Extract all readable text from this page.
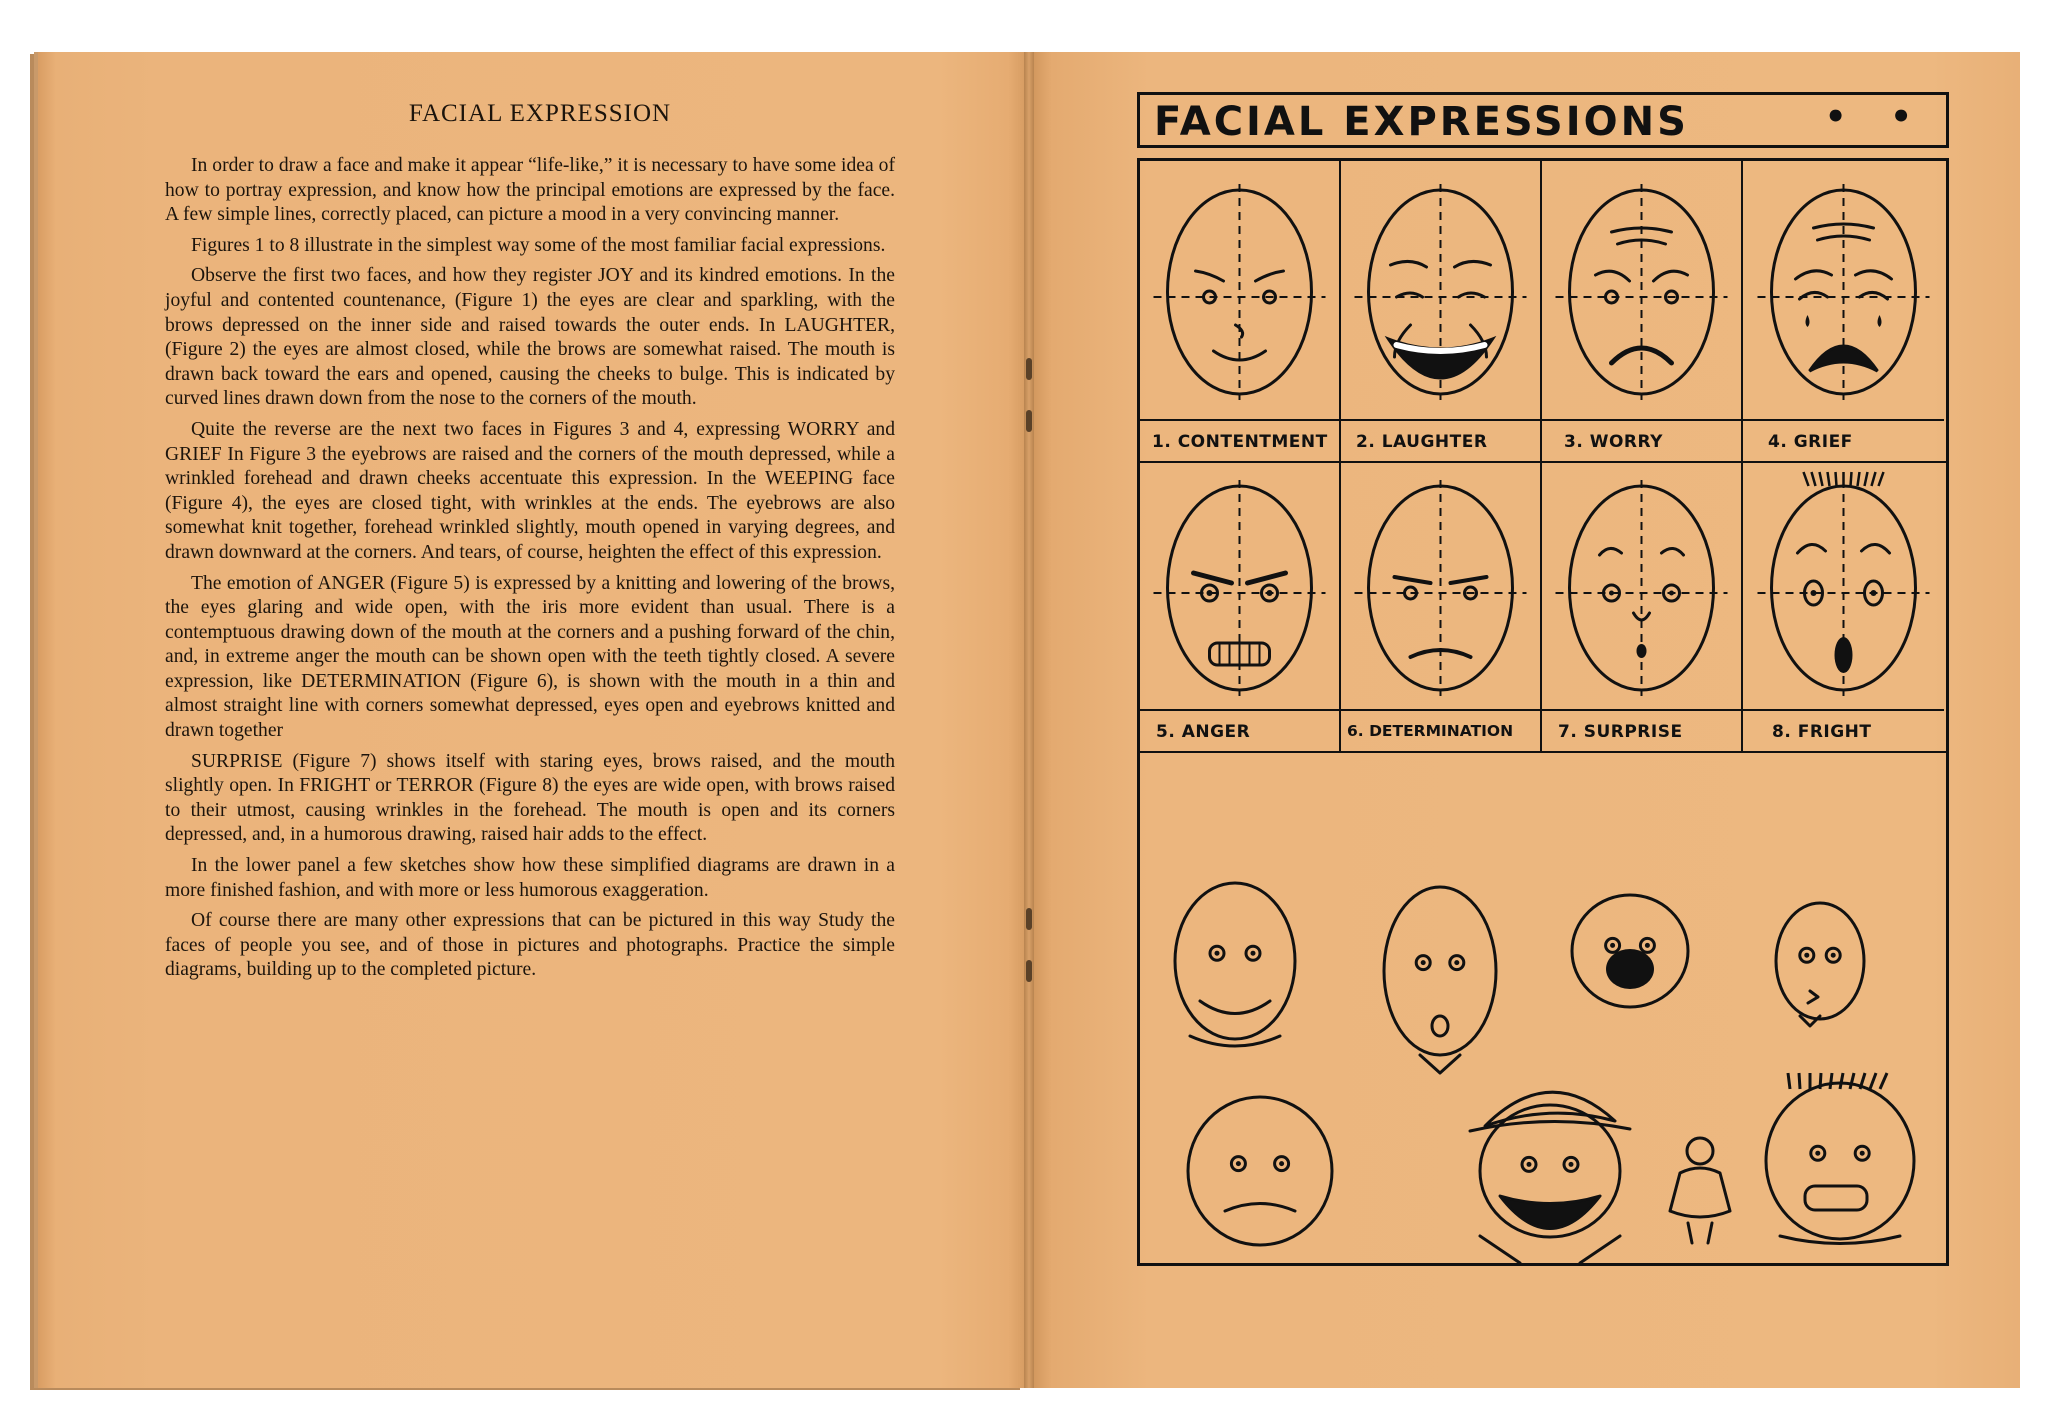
FACIAL EXPRESSION

In order to draw a face and make it appear “life-like,” it is necessary to have some idea of how to portray expression, and know how the principal emotions are expressed by the face. A few simple lines, correctly placed, can picture a mood in a very convincing manner.

Figures 1 to 8 illustrate in the simplest way some of the most familiar facial expressions.

Observe the first two faces, and how they register JOY and its kindred emotions. In the joyful and contented countenance, (Figure 1) the eyes are clear and sparkling, with the brows depressed on the inner side and raised towards the outer ends. In LAUGHTER, (Figure 2) the eyes are almost closed, while the brows are somewhat raised. The mouth is drawn back toward the ears and opened, causing the cheeks to bulge. This is indicated by curved lines drawn down from the nose to the corners of the mouth.

Quite the reverse are the next two faces in Figures 3 and 4, expressing WORRY and GRIEF In Figure 3 the eyebrows are raised and the corners of the mouth depressed, while a wrinkled forehead and drawn cheeks accentuate this expression. In the WEEPING face (Figure 4), the eyes are closed tight, with wrinkles at the ends. The eyebrows are also somewhat knit together, forehead wrinkled slightly, mouth opened in varying degrees, and drawn downward at the corners. And tears, of course, heighten the effect of this expression.

The emotion of ANGER (Figure 5) is expressed by a knitting and lowering of the brows, the eyes glaring and wide open, with the iris more evident than usual. There is a contemptuous drawing down of the mouth at the corners and a pushing forward of the chin, and, in extreme anger the mouth can be shown open with the teeth tightly closed. A severe expression, like DETERMINATION (Figure 6), is shown with the mouth in a thin and almost straight line with corners somewhat depressed, eyes open and eyebrows knitted and drawn together

SURPRISE (Figure 7) shows itself with staring eyes, brows raised, and the mouth slightly open. In FRIGHT or TERROR (Figure 8) the eyes are wide open, with brows raised to their utmost, causing wrinkles in the forehead. The mouth is open and its corners depressed, and, in a humorous drawing, raised hair adds to the effect.

In the lower panel a few sketches show how these simplified diagrams are drawn in a more finished fashion, and with more or less humorous exaggeration.

Of course there are many other expressions that can be pictured in this way Study the faces of people you see, and of those in pictures and photographs. Practice the simple diagrams, building up to the completed picture.

FACIAL EXPRESSIONS	• •
1. CONTENTMENT 2. LAUGHTER	3. WORRY	4. GRIEF
5. ANGER	6. DETERMINATION	7. SURPRISE	8. FRIGHT
